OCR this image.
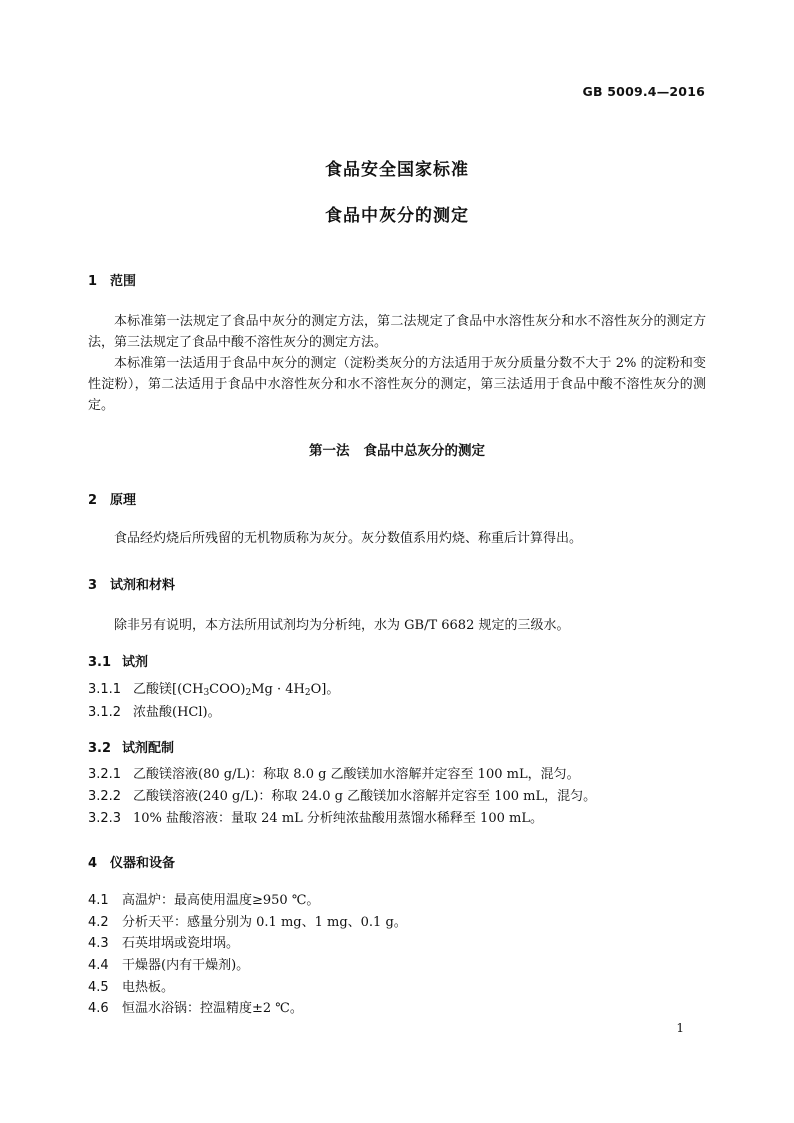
GB 5009.4—2016
食品安全国家标准
食品中灰分的测定
1 范围
本标准第一法规定了食品中灰分的测定方法，第二法规定了食品中水溶性灰分和水不溶性灰分的测定方法，第三法规定了食品中酸不溶性灰分的测定方法。
本标准第一法适用于食品中灰分的测定（淀粉类灰分的方法适用于灰分质量分数不大于 2% 的淀粉和变性淀粉），第二法适用于食品中水溶性灰分和水不溶性灰分的测定，第三法适用于食品中酸不溶性灰分的测定。
第一法 食品中总灰分的测定
2 原理
食品经灼烧后所残留的无机物质称为灰分。灰分数值系用灼烧、称重后计算得出。
3 试剂和材料
除非另有说明，本方法所用试剂均为分析纯，水为 GB/T 6682 规定的三级水。
3.1 试剂
3.1.1 乙酸镁$[(CH_3COO)_2Mg \cdot 4H_2O]$。
3.1.2 浓盐酸(HCl)。
3.2 试剂配制
3.2.1 乙酸镁溶液(80 g/L)：称取 8.0 g 乙酸镁加水溶解并定容至 100 mL，混匀。
3.2.2 乙酸镁溶液(240 g/L)：称取 24.0 g 乙酸镁加水溶解并定容至 100 mL，混匀。
3.2.3 10% 盐酸溶液：量取 24 mL 分析纯浓盐酸用蒸馏水稀释至 100 mL。
4 仪器和设备
4.1 高温炉：最高使用温度≥950 ℃。
4.2 分析天平：感量分别为 0.1 mg、1 mg、0.1 g。
4.3 石英坩埚或瓷坩埚。
4.4 干燥器(内有干燥剂)。
4.5 电热板。
4.6 恒温水浴锅：控温精度±2 ℃。
1
